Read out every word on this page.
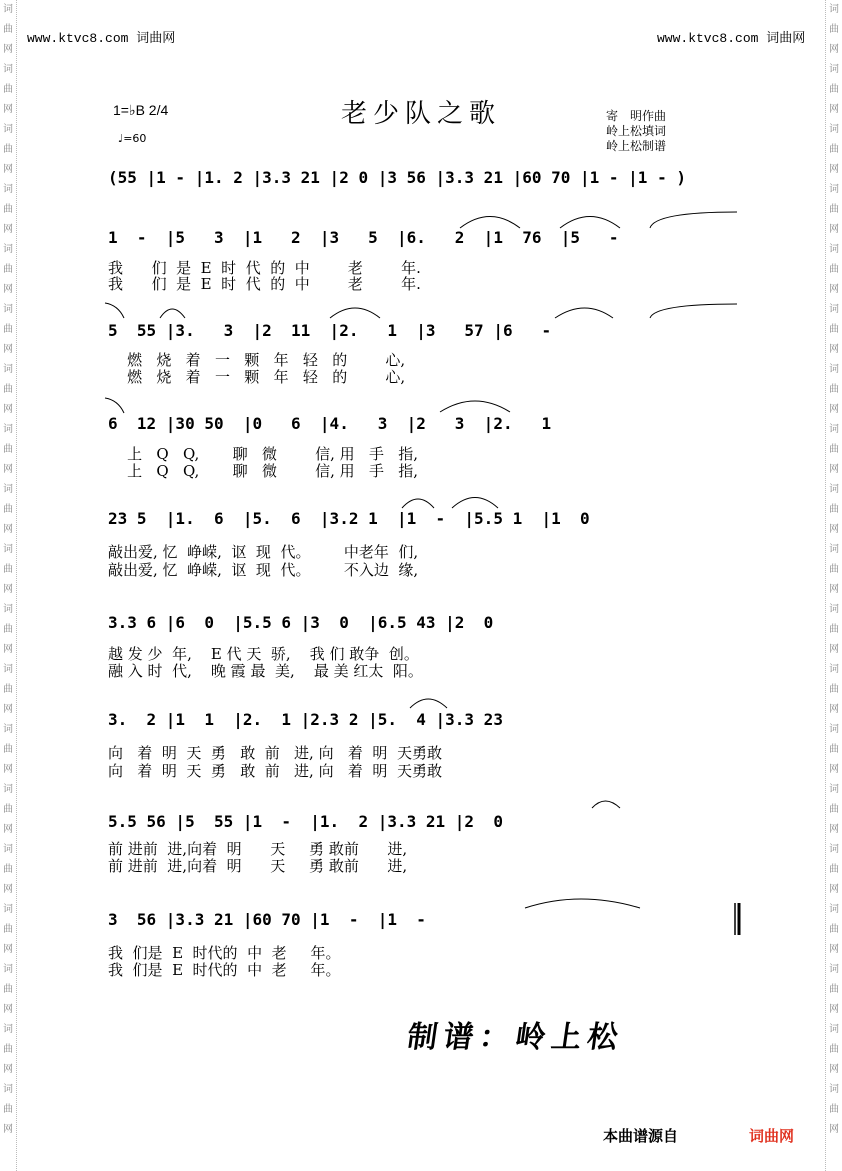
词
曲
网
词
曲
网
词
曲
网
词
曲
网
词
曲
网
词
曲
网
词
曲
网
词
曲
网
词
曲
网
词
曲
网
词
曲
网
词
曲
网
词
曲
网
词
曲
网
词
曲
网
词
曲
网
词
曲
网
词
曲
网
词
曲
网
词
曲
网
词
曲
网
词
曲
网
词
曲
网
词
曲
网
词
曲
网
词
曲
网
词
曲
网
词
曲
网
词
曲
网
词
曲
网
词
曲
网
词
曲
网
词
曲
网
词
曲
网
词
曲
网
词
曲
网
词
曲
网
词
曲
网
www.ktvc8.com 词曲网	www.ktvc8.com 词曲网
1=♭B 2/4
♩=60
老少队之歌	寄　明作曲
岭上松填词
岭上松制谱
(55 |1 - |1. 2 |3.3 21 |2 0 |3 56 |3.3 21 |60 70 |1 - |1 - )
1  -  |5   3  |1   2  |3   5  |6.   2  |1  76  |5   -
我      们  是  E  时  代  的  中        老        年.
我      们  是  E  时  代  的  中        老        年.
5  55 |3.   3  |2  11  |2.   1  |3   57 |6   -
燃   烧   着   一   颗   年   轻   的        心,
燃   烧   着   一   颗   年   轻   的        心,
6  12 |30 50  |0   6  |4.   3  |2   3  |2.   1
上   Q   Q,       聊   微        信, 用   手   指,
上   Q   Q,       聊   微        信, 用   手   指,
23 5  |1.  6  |5.  6  |3.2 1  |1  -  |5.5 1  |1  0
敲出爱, 忆  峥嵘,  讴  现  代。       中老年  们,
敲出爱, 忆  峥嵘,  讴  现  代。       不入边  缘,
3.3 6 |6  0  |5.5 6 |3  0  |6.5 43 |2  0
越 发 少  年,    E 代 天  骄,    我 们 敢争  创。
融 入 时  代,    晚 霞 最  美,    最 美 红太  阳。
3.  2 |1  1  |2.  1 |2.3 2 |5.  4 |3.3 23
向   着  明  天  勇   敢  前   进, 向   着  明  天勇敢
向   着  明  天  勇   敢  前   进, 向   着  明  天勇敢
5.5 56 |5  55 |1  -  |1.  2 |3.3 21 |2  0
前 进前  进,向着  明      天     勇 敢前      进,
前 进前  进,向着  明      天     勇 敢前      进,
3  56 |3.3 21 |60 70 |1  -  |1  -
我  们是  E  时代的  中  老     年。
我  们是  E  时代的  中  老     年。
制谱：岭上松
本曲谱源自	词曲网
